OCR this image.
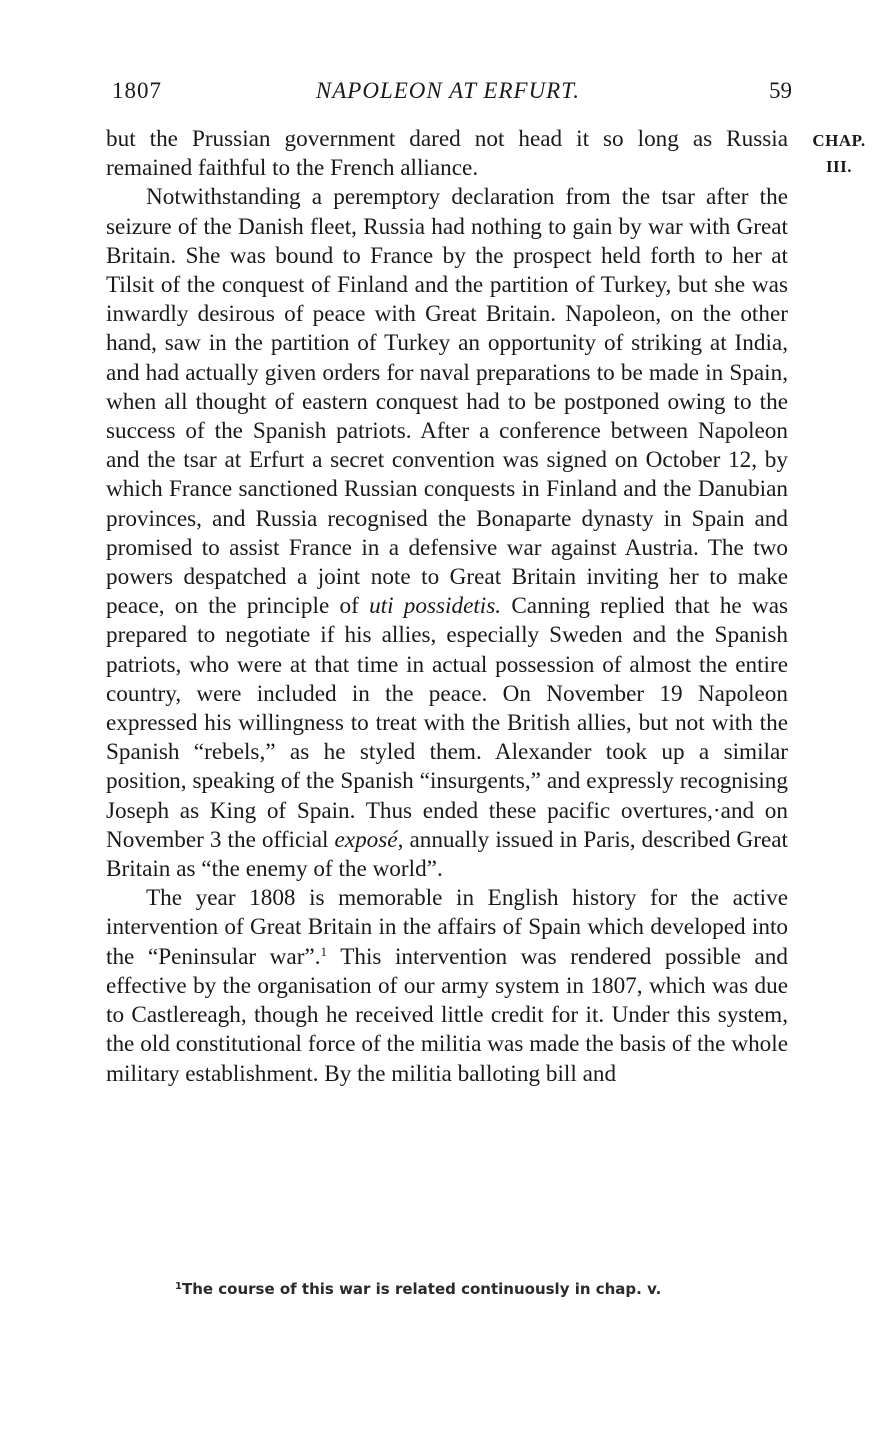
1807	NAPOLEON AT ERFURT.	59
CHAP.
III.

but the Prussian government dared not head it so long as Russia remained faithful to the French alliance.

Notwithstanding a peremptory declaration from the tsar after the seizure of the Danish fleet, Russia had nothing to gain by war with Great Britain. She was bound to France by the prospect held forth to her at Tilsit of the conquest of Finland and the partition of Turkey, but she was inwardly desirous of peace with Great Britain. Napoleon, on the other hand, saw in the partition of Turkey an opportunity of striking at India, and had actually given orders for naval preparations to be made in Spain, when all thought of eastern conquest had to be postponed owing to the success of the Spanish patriots. After a conference between Napoleon and the tsar at Erfurt a secret convention was signed on October 12, by which France sanctioned Russian conquests in Finland and the Danubian provinces, and Russia recognised the Bonaparte dynasty in Spain and promised to assist France in a defensive war against Austria. The two powers despatched a joint note to Great Britain inviting her to make peace, on the principle of uti possidetis. Canning replied that he was prepared to negotiate if his allies, especially Sweden and the Spanish patriots, who were at that time in actual possession of almost the entire country, were included in the peace. On November 19 Napoleon expressed his willingness to treat with the British allies, but not with the Spanish “rebels,” as he styled them. Alexander took up a similar position, speaking of the Spanish “insurgents,” and expressly recognising Joseph as King of Spain. Thus ended these pacific overtures,·and on November 3 the official exposé, annually issued in Paris, described Great Britain as “the enemy of the world”.

The year 1808 is memorable in English history for the active intervention of Great Britain in the affairs of Spain which developed into the “Peninsular war”.$^1$ This intervention was rendered possible and effective by the organisation of our army system in 1807, which was due to Castlereagh, though he received little credit for it. Under this system, the old constitutional force of the militia was made the basis of the whole military establishment. By the militia balloting bill and

$^1$The course of this war is related continuously in chap. v.
